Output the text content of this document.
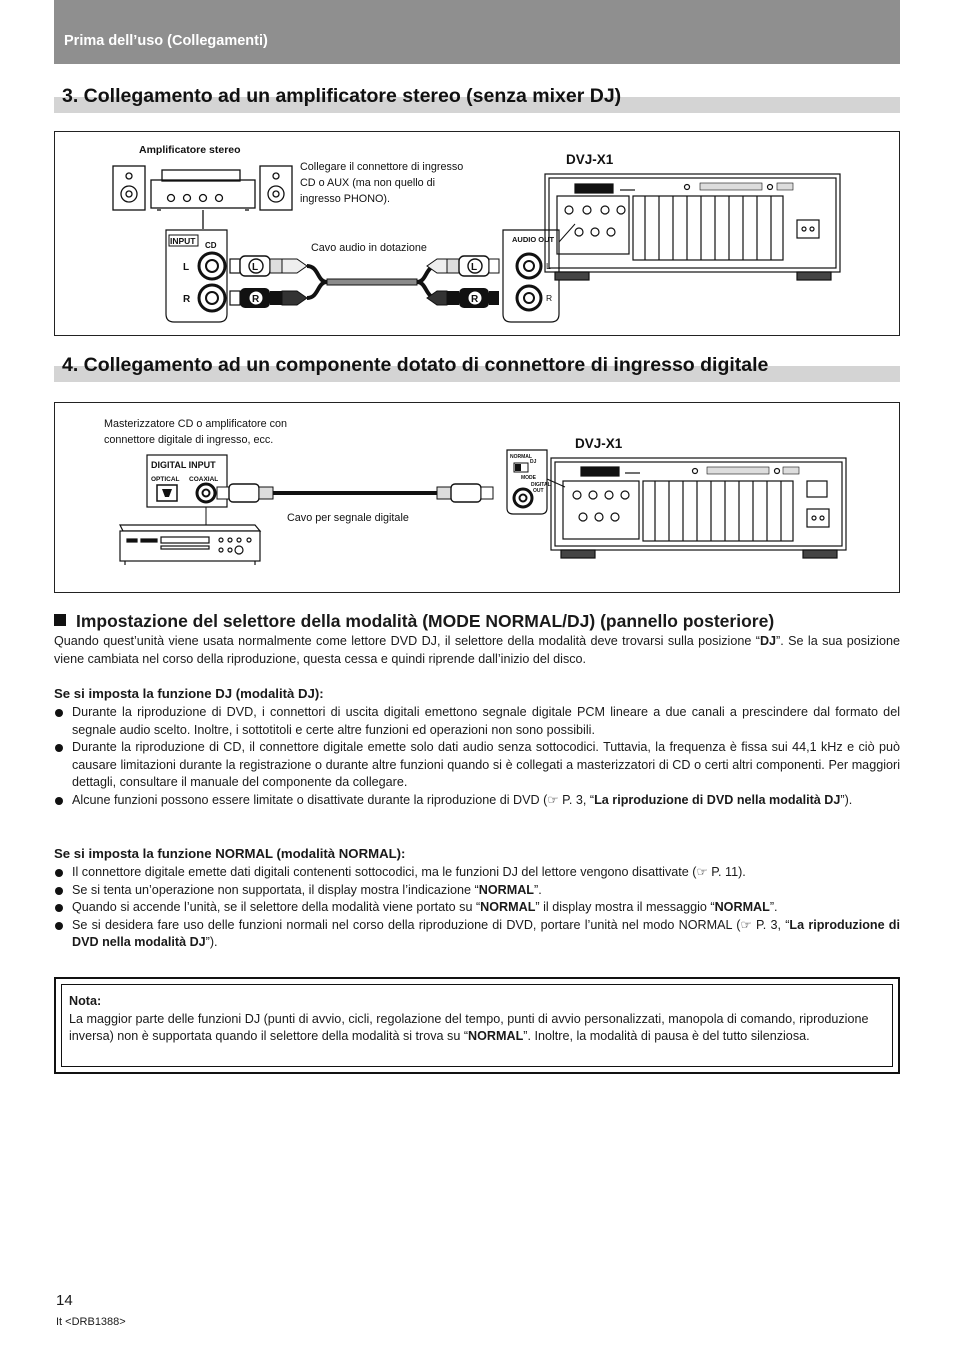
Prima dell’uso (Collegamenti)
3. Collegamento ad un amplificatore stereo (senza mixer DJ)
Amplificatore stereo
Collegare il connettore di ingresso
CD o AUX (ma non quello di
ingresso PHONO).
DVJ-X1
INPUT CD
L
R
L
R
Cavo audio in dotazione
L
R
AUDIO OUT
L
R
4. Collegamento ad un componente dotato di connettore di ingresso digitale
Masterizzatore CD o amplificatore con
connettore digitale di ingresso, ecc.	DVJ-X1
DIGITAL INPUT
OPTICAL COAXIAL
Cavo per segnale digitale
NORMAL
DJ
MODE
DIGITAL
OUT
Impostazione del selettore della modalità (MODE NORMAL/DJ) (pannello posteriore)
Quando quest’unità viene usata normalmente come lettore DVD DJ, il selettore della modalità deve trovarsi sulla posizione “DJ”. Se la sua posizione viene cambiata nel corso della riproduzione, questa cessa e quindi riprende dall’inizio del disco.
Se si imposta la funzione DJ (modalità DJ):
Durante la riproduzione di DVD, i connettori di uscita digitali emettono segnale digitale PCM lineare a due canali a prescindere dal formato del segnale audio scelto. Inoltre, i sottotitoli e certe altre funzioni ed operazioni non sono possibili.
Durante la riproduzione di CD, il connettore digitale emette solo dati audio senza sottocodici. Tuttavia, la frequenza è fissa sui 44,1 kHz e ciò può causare limitazioni durante la registrazione o durante altre funzioni quando si è collegati a masterizzatori di CD o certi altri componenti. Per maggiori dettagli, consultare il manuale del componente da collegare.
Alcune funzioni possono essere limitate o disattivate durante la riproduzione di DVD (☞ P. 3, “La riproduzione di DVD nella modalità DJ”).
Se si imposta la funzione NORMAL (modalità NORMAL):
Il connettore digitale emette dati digitali contenenti sottocodici, ma le funzioni DJ del lettore vengono disattivate (☞ P. 11).
Se si tenta un’operazione non supportata, il display mostra l’indicazione “NORMAL”.
Quando si accende l’unità, se il selettore della modalità viene portato su “NORMAL” il display mostra il messaggio “NORMAL”.
Se si desidera fare uso delle funzioni normali nel corso della riproduzione di DVD, portare l’unità nel modo NORMAL (☞ P. 3, “La riproduzione di DVD nella modalità DJ”).
Nota:
La maggior parte delle funzioni DJ (punti di avvio, cicli, regolazione del tempo, punti di avvio personalizzati, manopola di comando, riproduzione inversa) non è supportata quando il selettore della modalità si trova su “NORMAL”. Inoltre, la modalità di pausa è del tutto silenziosa.
14
It <DRB1388>
